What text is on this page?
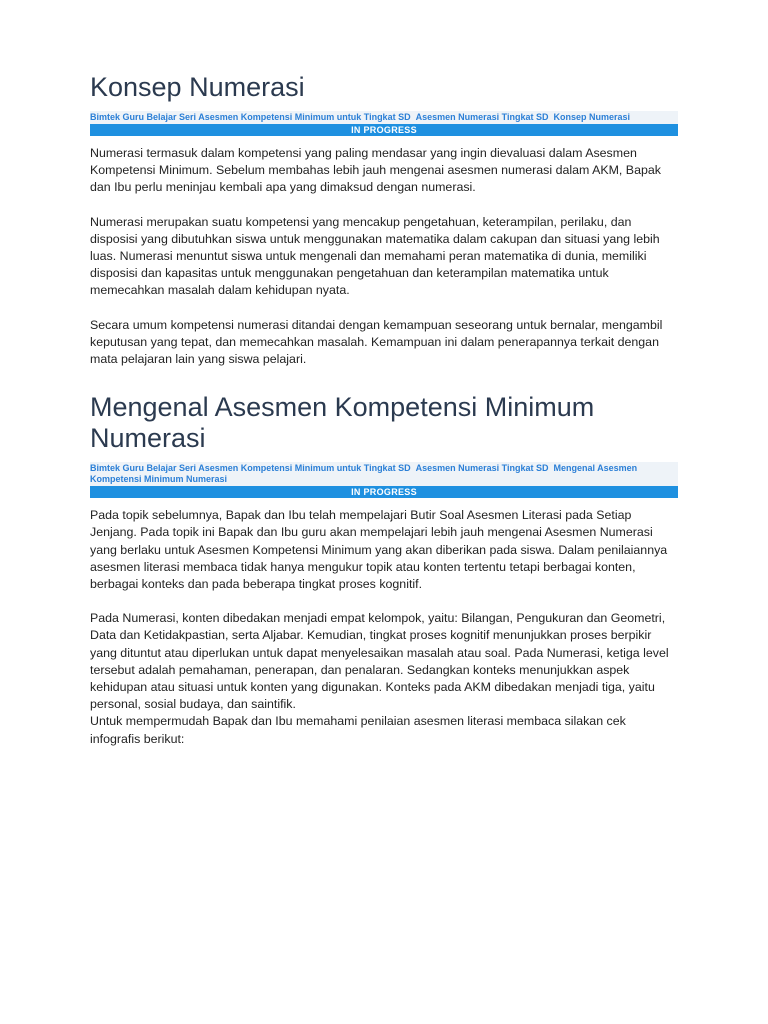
Konsep Numerasi
Bimtek Guru Belajar Seri Asesmen Kompetensi Minimum untuk Tingkat SD Asesmen Numerasi Tingkat SD Konsep Numerasi
IN PROGRESS

Numerasi termasuk dalam kompetensi yang paling mendasar yang ingin dievaluasi dalam Asesmen Kompetensi Minimum. Sebelum membahas lebih jauh mengenai asesmen numerasi dalam AKM, Bapak dan Ibu perlu meninjau kembali apa yang dimaksud dengan numerasi.

Numerasi merupakan suatu kompetensi yang mencakup pengetahuan, keterampilan, perilaku, dan disposisi yang dibutuhkan siswa untuk menggunakan matematika dalam cakupan dan situasi yang lebih luas. Numerasi menuntut siswa untuk mengenali dan memahami peran matematika di dunia, memiliki disposisi dan kapasitas untuk menggunakan pengetahuan dan keterampilan matematika untuk memecahkan masalah dalam kehidupan nyata.

Secara umum kompetensi numerasi ditandai dengan kemampuan seseorang untuk bernalar, mengambil keputusan yang tepat, dan memecahkan masalah. Kemampuan ini dalam penerapannya terkait dengan mata pelajaran lain yang siswa pelajari.

Mengenal Asesmen Kompetensi Minimum Numerasi
Bimtek Guru Belajar Seri Asesmen Kompetensi Minimum untuk Tingkat SD Asesmen Numerasi Tingkat SD Mengenal Asesmen Kompetensi Minimum Numerasi
IN PROGRESS

Pada topik sebelumnya, Bapak dan Ibu telah mempelajari Butir Soal Asesmen Literasi pada Setiap Jenjang. Pada topik ini Bapak dan Ibu guru akan mempelajari lebih jauh mengenai Asesmen Numerasi yang berlaku untuk Asesmen Kompetensi Minimum yang akan diberikan pada siswa. Dalam penilaiannya asesmen literasi membaca tidak hanya mengukur topik atau konten tertentu tetapi berbagai konten, berbagai konteks dan pada beberapa tingkat proses kognitif.

Pada Numerasi, konten dibedakan menjadi empat kelompok, yaitu: Bilangan, Pengukuran dan Geometri, Data dan Ketidakpastian, serta Aljabar. Kemudian, tingkat proses kognitif menunjukkan proses berpikir yang dituntut atau diperlukan untuk dapat menyelesaikan masalah atau soal. Pada Numerasi, ketiga level tersebut adalah pemahaman, penerapan, dan penalaran. Sedangkan konteks menunjukkan aspek kehidupan atau situasi untuk konten yang digunakan. Konteks pada AKM dibedakan menjadi tiga, yaitu personal, sosial budaya, dan saintifik.

Untuk mempermudah Bapak dan Ibu memahami penilaian asesmen literasi membaca silakan cek infografis berikut:
